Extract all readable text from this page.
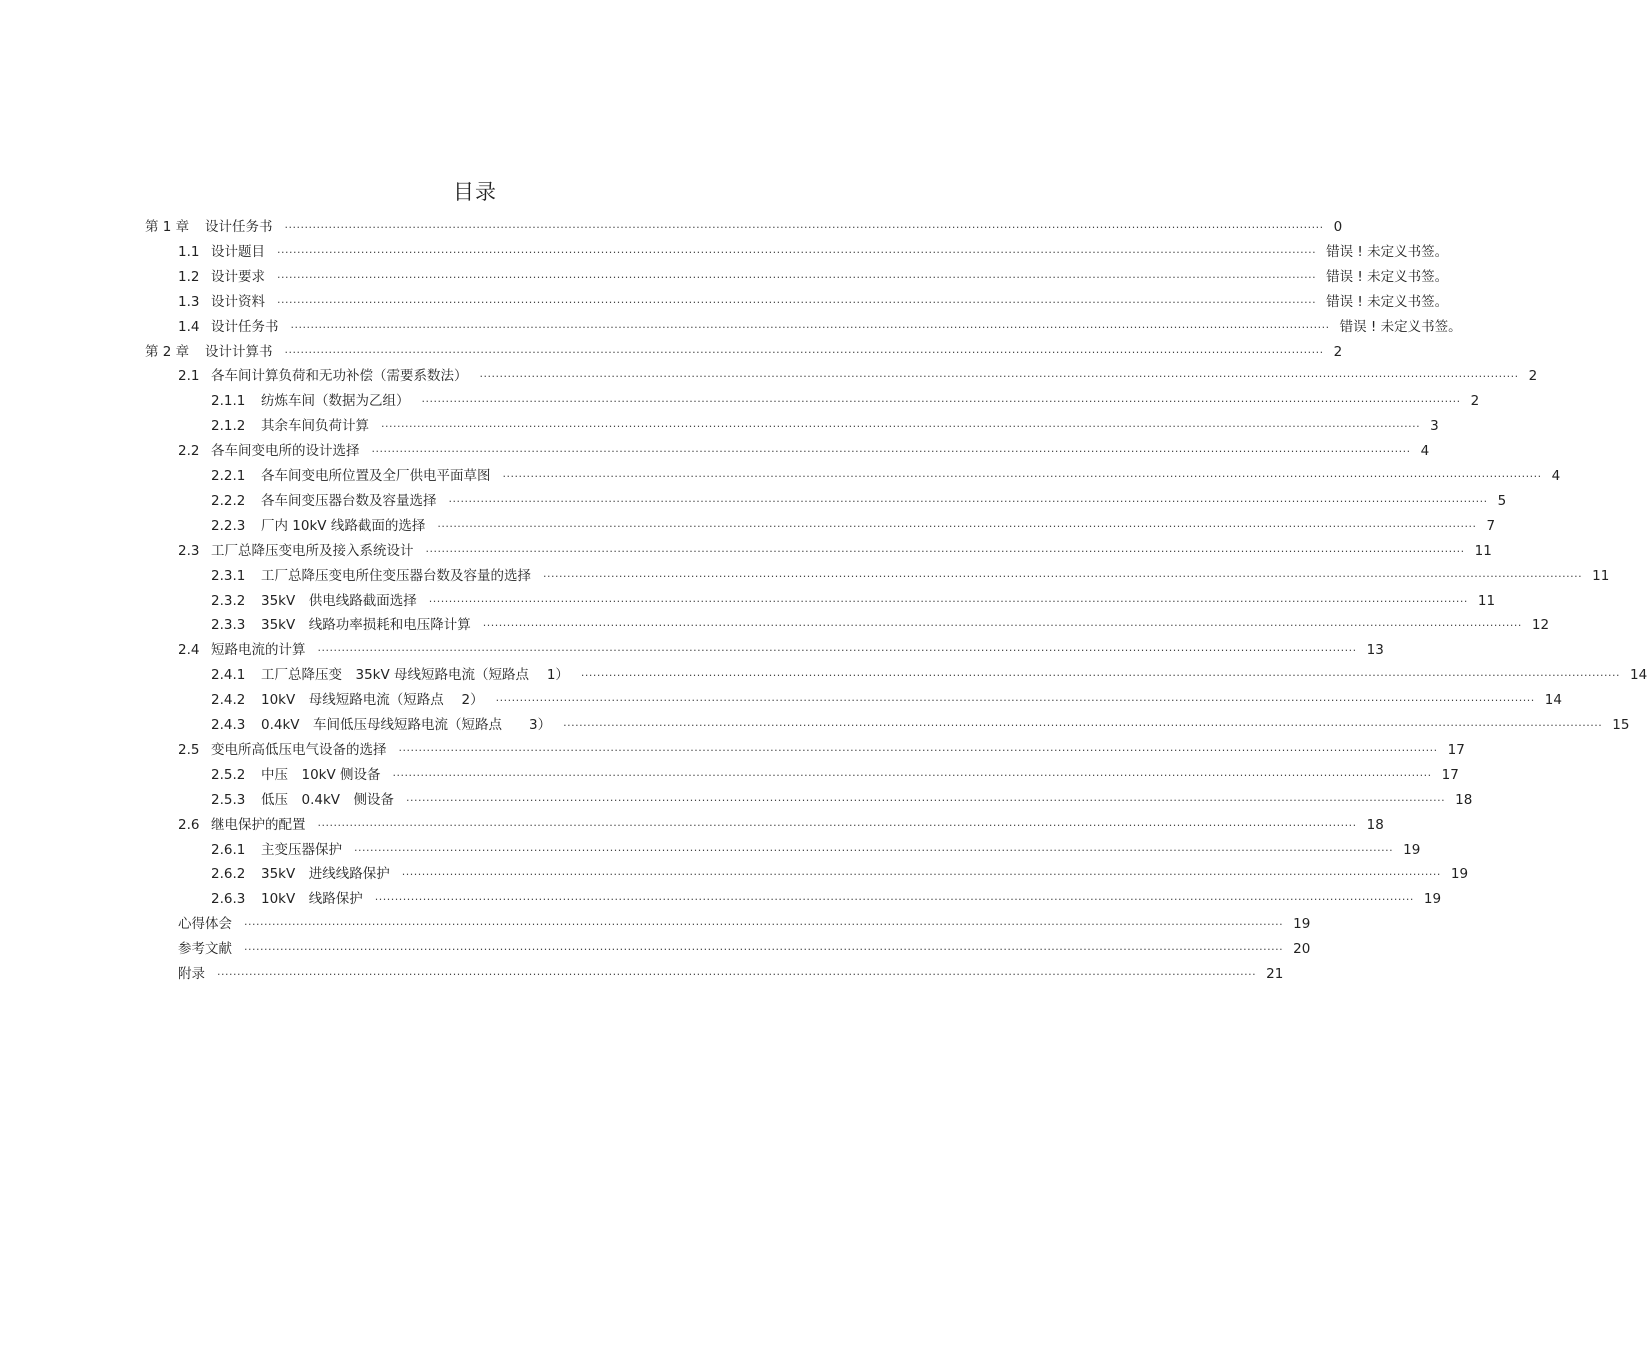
目录
第 1 章	设计任务书 .................................................................................................................................................................................................................................................................... 0
1.1 设计题目 .................................................................................................................................................................................................................................................................... 错误 ! 未定义书签。
1.2 设计要求 .................................................................................................................................................................................................................................................................... 错误 ! 未定义书签。
1.3 设计资料 .................................................................................................................................................................................................................................................................... 错误 ! 未定义书签。
1.4 设计任务书 .................................................................................................................................................................................................................................................................... 错误 ! 未定义书签。
第 2 章	设计计算书 .................................................................................................................................................................................................................................................................... 2
2.1 各车间计算负荷和无功补偿（需要系数法） .................................................................................................................................................................................................................................................................... 2
2.1.1	纺炼车间（数据为乙组） .................................................................................................................................................................................................................................................................... 2
2.1.2	其余车间负荷计算 .................................................................................................................................................................................................................................................................... 3
2.2 各车间变电所的设计选择 .................................................................................................................................................................................................................................................................... 4
2.2.1	各车间变电所位置及全厂供电平面草图 .................................................................................................................................................................................................................................................................... 4
2.2.2	各车间变压器台数及容量选择 .................................................................................................................................................................................................................................................................... 5
2.2.3	厂内 10kV 线路截面的选择 .................................................................................................................................................................................................................................................................... 7
2.3 工厂总降压变电所及接入系统设计 .................................................................................................................................................................................................................................................................... 11
2.3.1	工厂总降压变电所住变压器台数及容量的选择 .................................................................................................................................................................................................................................................................... 11
2.3.2	35kV　供电线路截面选择 .................................................................................................................................................................................................................................................................... 11
2.3.3	35kV　线路功率损耗和电压降计算 .................................................................................................................................................................................................................................................................... 12
2.4 短路电流的计算 .................................................................................................................................................................................................................................................................... 13
2.4.1	工厂总降压变　35kV 母线短路电流（短路点　 1） .................................................................................................................................................................................................................................................................... 14
2.4.2	10kV　母线短路电流（短路点　 2） .................................................................................................................................................................................................................................................................... 14
2.4.3	0.4kV　车间低压母线短路电流（短路点　　3） .................................................................................................................................................................................................................................................................... 15
2.5 变电所高低压电气设备的选择 .................................................................................................................................................................................................................................................................... 17
2.5.2	中压　10kV 侧设备 .................................................................................................................................................................................................................................................................... 17
2.5.3	低压　0.4kV　侧设备 .................................................................................................................................................................................................................................................................... 18
2.6 继电保护的配置 .................................................................................................................................................................................................................................................................... 18
2.6.1	主变压器保护 .................................................................................................................................................................................................................................................................... 19
2.6.2	35kV　进线线路保护 .................................................................................................................................................................................................................................................................... 19
2.6.3	10kV　线路保护 .................................................................................................................................................................................................................................................................... 19
心得体会 .................................................................................................................................................................................................................................................................... 19
参考文献 .................................................................................................................................................................................................................................................................... 20
附录 .................................................................................................................................................................................................................................................................... 21
